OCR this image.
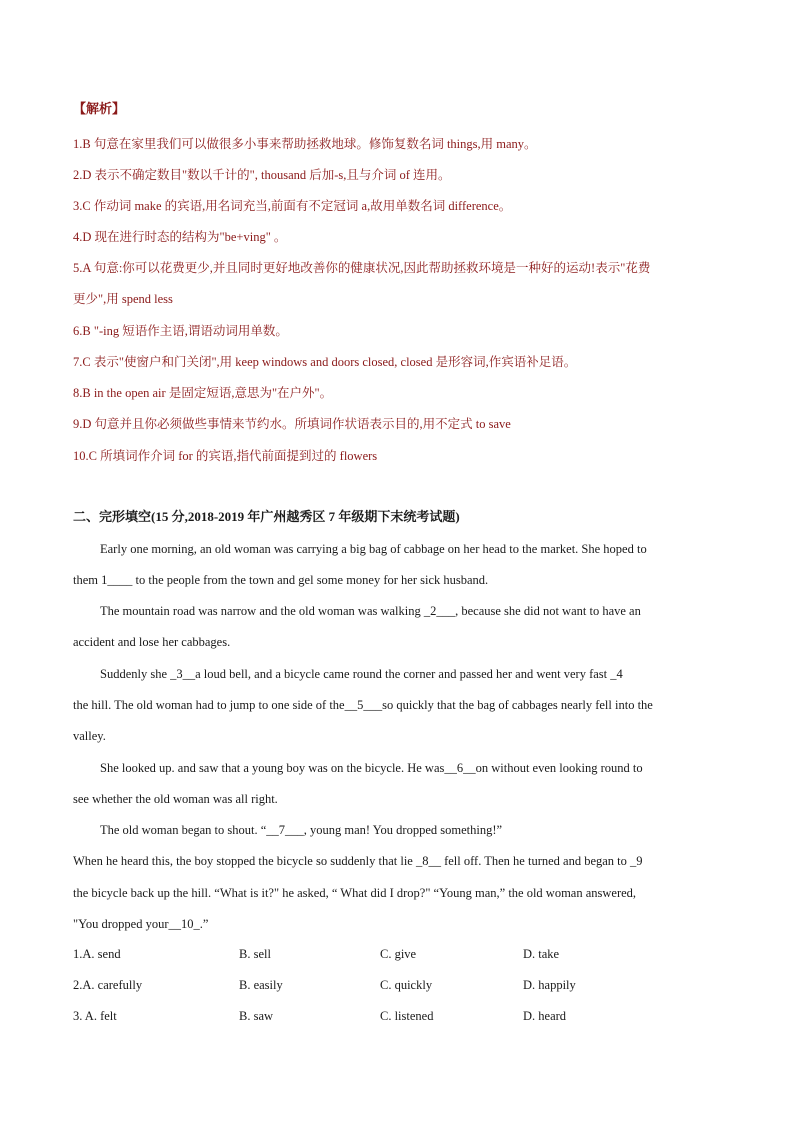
【解析】
1.B 句意在家里我们可以做很多小事来帮助拯救地球。修饰复数名词 things,用 many。
2.D 表示不确定数目"数以千计的", thousand 后加-s,且与介词 of 连用。
3.C 作动词 make 的宾语,用名词充当,前面有不定冠词 a,故用单数名词 difference。
4.D 现在进行时态的结构为"be+ving" 。
5.A 句意:你可以花费更少,并且同时更好地改善你的健康状况,因此帮助拯救环境是一种好的运动!表示"花费
更少",用 spend less
6.B "-ing 短语作主语,谓语动词用单数。
7.C 表示"使窗户和门关闭",用 keep windows and doors closed, closed 是形容词,作宾语补足语。
8.B in the open air 是固定短语,意思为"在户外"。
9.D 句意并且你必须做些事情来节约水。所填词作状语表示目的,用不定式 to save
10.C 所填词作介词 for 的宾语,指代前面提到过的 flowers
二、完形填空(15 分,2018-2019 年广州越秀区 7 年级期下末统考试题)
Early one morning, an old woman was carrying a big bag of cabbage on her head to the market. She hoped to
them 1____ to the people from the town and gel some money for her sick husband.
The mountain road was narrow and the old woman was walking _2___, because she did not want to have an
accident and lose her cabbages.
Suddenly she _3__a loud bell, and a bicycle came round the corner and passed her and went very fast _4
the hill. The old woman had to jump to one side of the__5___so quickly that the bag of cabbages nearly fell into the
valley.
She looked up. and saw that a young boy was on the bicycle. He was__6__on without even looking round to
see whether the old woman was all right.
The old woman began to shout. “__7___, young man! You dropped something!”
When he heard this, the boy stopped the bicycle so suddenly that lie _8__ fell off. Then he turned and began to _9
the bicycle back up the hill. “What is it?" he asked, “ What did I drop?" “Young man,” the old woman answered,
"You dropped your__10_.”
1.A. send	B. sell	C. give	D. take
2.A. carefully	B. easily	C. quickly	D. happily
3. A. felt	B. saw	C. listened	D. heard
